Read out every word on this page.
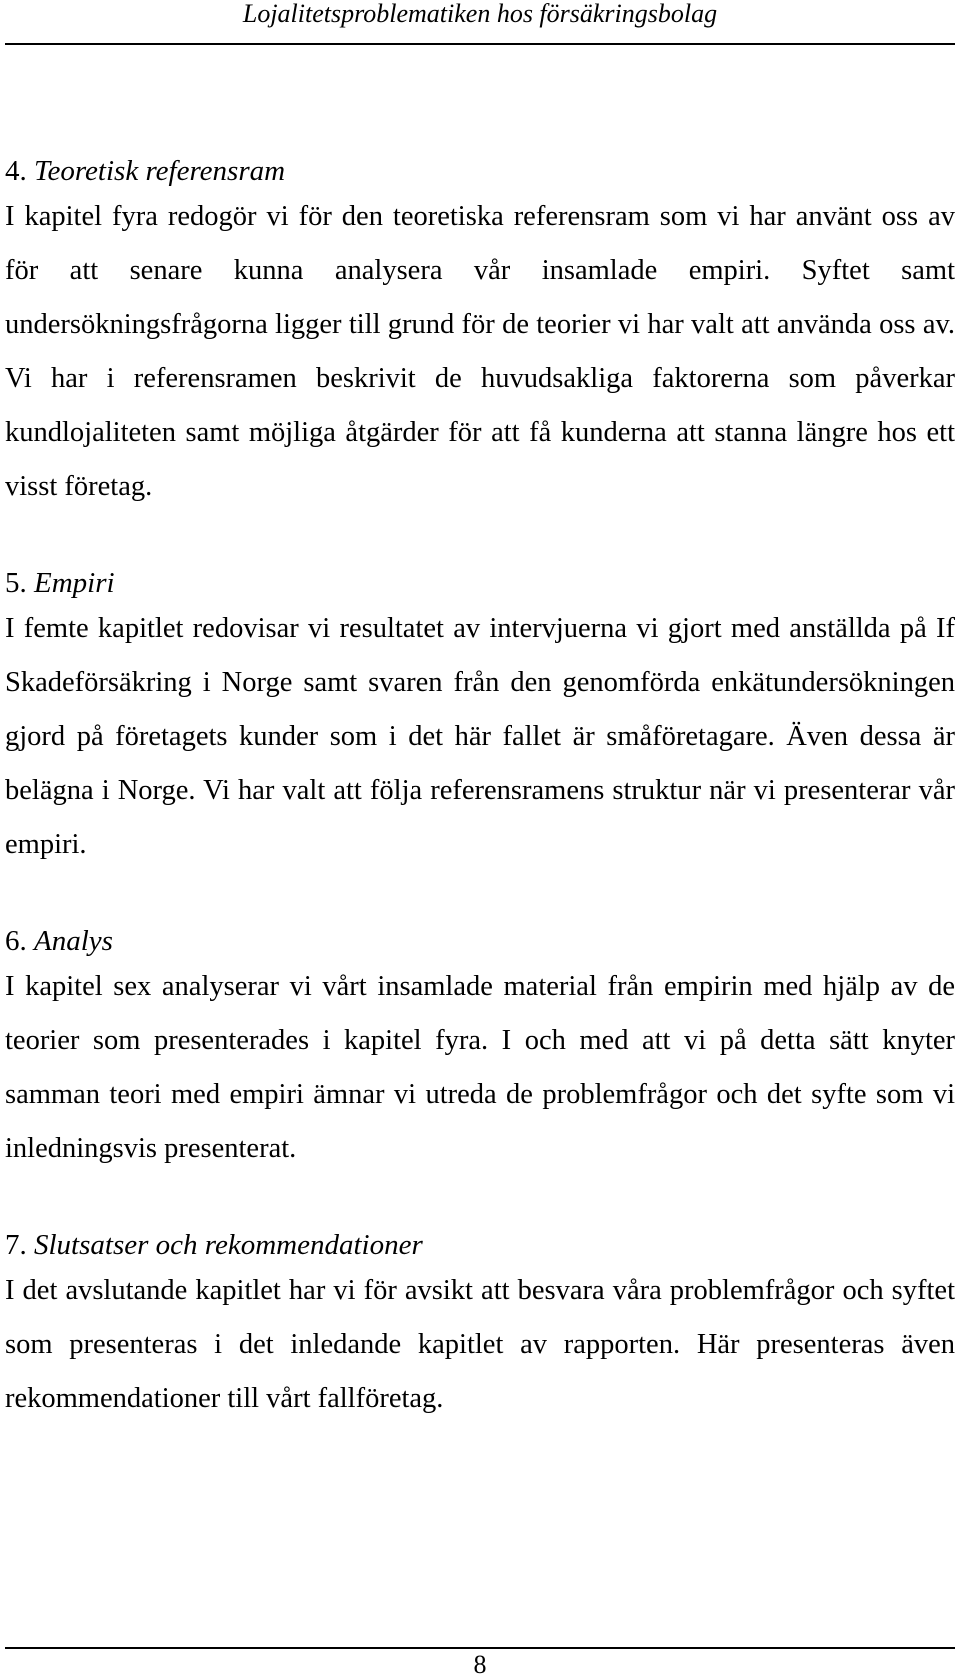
Lojalitetsproblematiken hos försäkringsbolag
4. Teoretisk referensram

I kapitel fyra redogör vi för den teoretiska referensram som vi har använt oss av för att senare kunna analysera vår insamlade empiri. Syftet samt undersökningsfrågorna ligger till grund för de teorier vi har valt att använda oss av. Vi har i referensramen beskrivit de huvudsakliga faktorerna som påverkar kundlojaliteten samt möjliga åtgärder för att få kunderna att stanna längre hos ett visst företag.

5. Empiri

I femte kapitlet redovisar vi resultatet av intervjuerna vi gjort med anställda på If Skadeförsäkring i Norge samt svaren från den genomförda enkätundersökningen gjord på företagets kunder som i det här fallet är småföretagare. Även dessa är belägna i Norge. Vi har valt att följa referensramens struktur när vi presenterar vår empiri.

6. Analys

I kapitel sex analyserar vi vårt insamlade material från empirin med hjälp av de teorier som presenterades i kapitel fyra. I och med att vi på detta sätt knyter samman teori med empiri ämnar vi utreda de problemfrågor och det syfte som vi inledningsvis presenterat.

7. Slutsatser och rekommendationer

I det avslutande kapitlet har vi för avsikt att besvara våra problemfrågor och syftet som presenteras i det inledande kapitlet av rapporten. Här presenteras även rekommendationer till vårt fallföretag.

8
